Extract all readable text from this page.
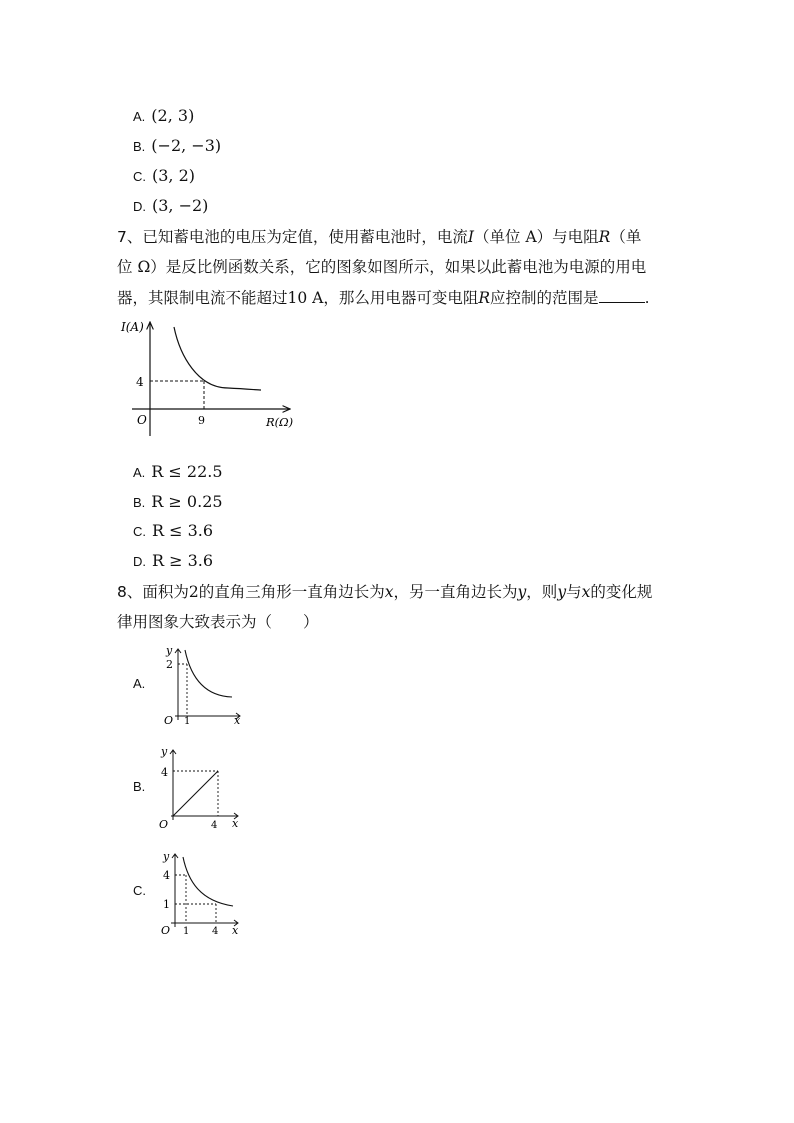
A. (2, 3)
B. (−2, −3)
C. (3, 2)
D. (3, −2)
7、已知蓄电池的电压为定值，使用蓄电池时，电流I（单位 A）与电阻R（单
位 Ω）是反比例函数关系，它的图象如图所示，如果以此蓄电池为电源的用电
器，其限制电流不能超过10 A，那么用电器可变电阻R应控制的范围是	.
I(A)
4
O	9	R(Ω)
A. R ≤ 22.5
B. R ≥ 0.25
C. R ≤ 3.6
D. R ≥ 3.6
8、面积为2的直角三角形一直角边长为x，另一直角边长为y，则y与x的变化规
律用图象大致表示为（　　）
A.
y
2
O 1	x
B.
y
4
O	4 x
C.
y
4
1
O 1 4 x
